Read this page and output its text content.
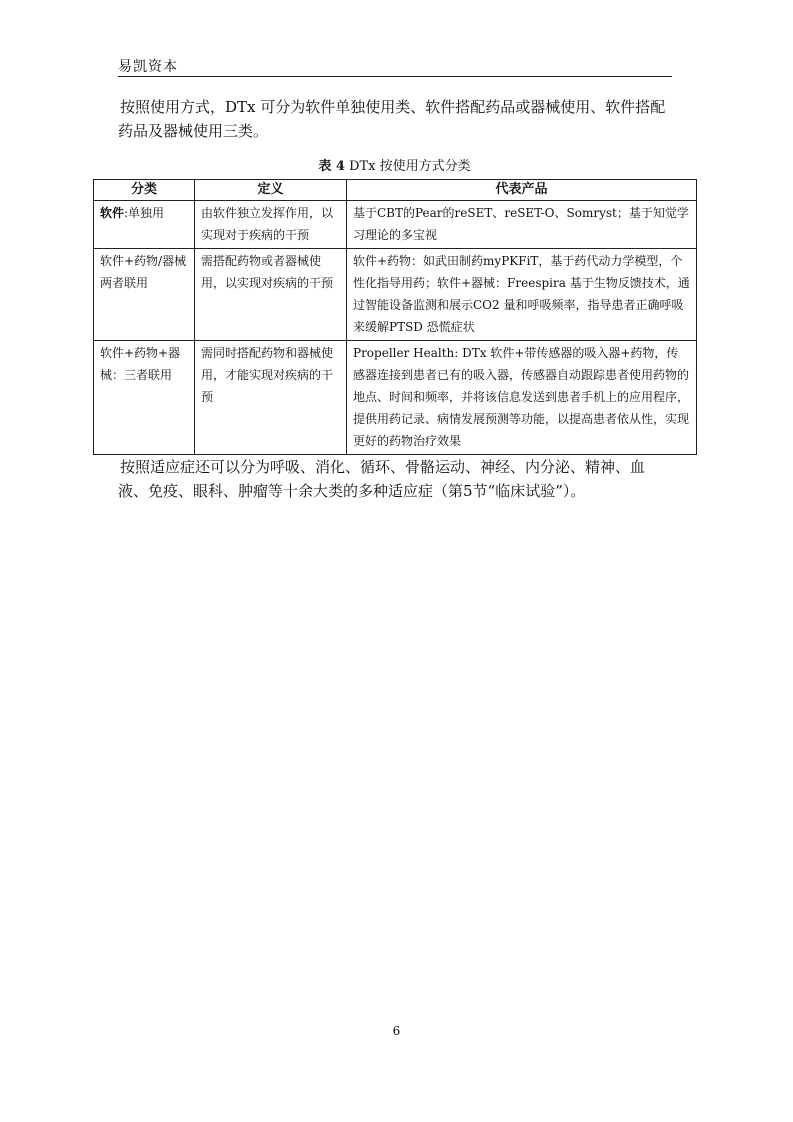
易凯资本

按照使用方式，DTx 可分为软件单独使用类、软件搭配药品或器械使用、软件搭配药品及器械使用三类。

表 4 DTx 按使用方式分类
分类	定义	代表产品
软件:单独用	由软件独立发挥作用，以实现对于疾病的干预	基于CBT的Pear的reSET、reSET-O、Somryst；基于知觉学习理论的多宝视
软件+药物/器械两者联用	需搭配药物或者器械使用，以实现对疾病的干预	软件+药物：如武田制药myPKFiT，基于药代动力学模型，个性化指导用药；软件+器械：Freespira 基于生物反馈技术，通过智能设备监测和展示CO2 量和呼吸频率，指导患者正确呼吸来缓解PTSD 恐慌症状
软件+药物+器械：三者联用	需同时搭配药物和器械使用，才能实现对疾病的干预	Propeller Health: DTx 软件+带传感器的吸入器+药物，传感器连接到患者已有的吸入器，传感器自动跟踪患者使用药物的地点、时间和频率，并将该信息发送到患者手机上的应用程序，提供用药记录、病情发展预测等功能，以提高患者依从性，实现更好的药物治疗效果

按照适应症还可以分为呼吸、消化、循环、骨骼运动、神经、内分泌、精神、血液、免疫、眼科、肿瘤等十余大类的多种适应症（第5节“临床试验”）。

6
